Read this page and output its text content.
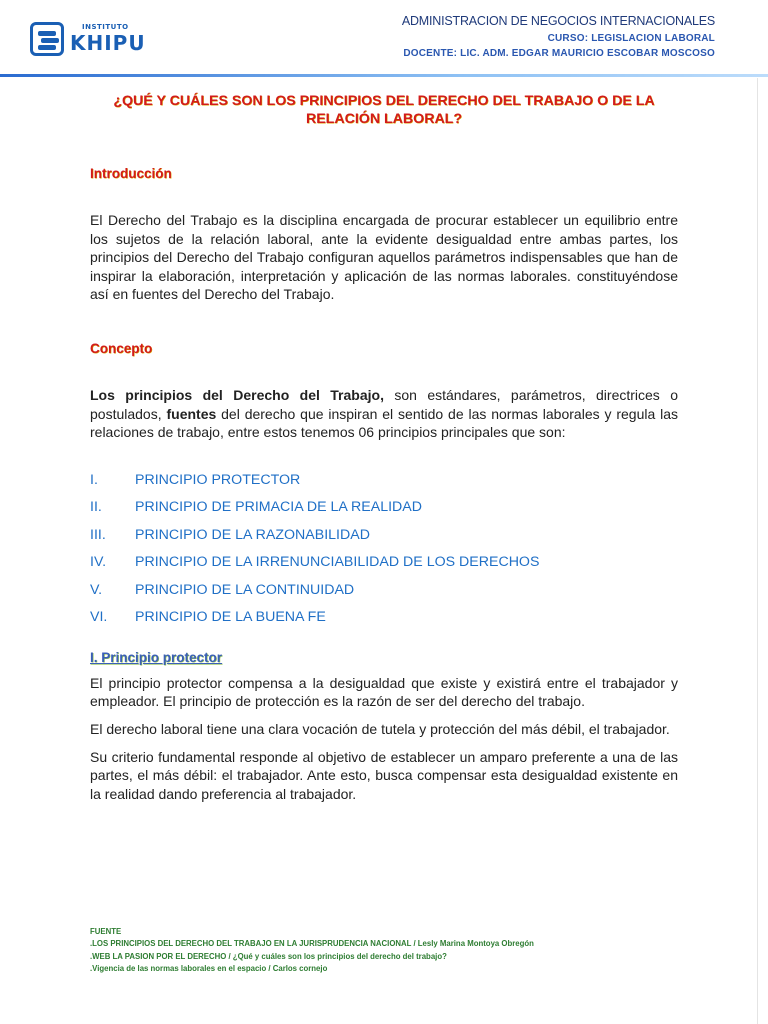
INSTITUTO
KHIPU
ADMINISTRACION DE NEGOCIOS INTERNACIONALES
CURSO: LEGISLACION LABORAL
DOCENTE: LIC. ADM. EDGAR MAURICIO ESCOBAR MOSCOSO
¿QUÉ Y CUÁLES SON LOS PRINCIPIOS DEL DERECHO DEL TRABAJO O DE LA
RELACIÓN LABORAL?
Introducción

El Derecho del Trabajo es la disciplina encargada de procurar establecer un equilibrio entre los sujetos de la relación laboral, ante la evidente desigualdad entre ambas partes, los principios del Derecho del Trabajo configuran aquellos parámetros indispensables que han de inspirar la elaboración, interpretación y aplicación de las normas laborales. constituyéndose así en fuentes del Derecho del Trabajo.

Concepto

Los principios del Derecho del Trabajo, son estándares, parámetros, directrices o postulados, fuentes del derecho que inspiran el sentido de las normas laborales y regula las relaciones de trabajo, entre estos tenemos 06 principios principales que son:

I.	PRINCIPIO PROTECTOR
II.	PRINCIPIO DE PRIMACIA DE LA REALIDAD
III.	PRINCIPIO DE LA RAZONABILIDAD
IV.	PRINCIPIO DE LA IRRENUNCIABILIDAD DE LOS DERECHOS
V.	PRINCIPIO DE LA CONTINUIDAD
VI.	PRINCIPIO DE LA BUENA FE
I. Principio protector

El principio protector compensa a la desigualdad que existe y existirá entre el trabajador y empleador. El principio de protección es la razón de ser del derecho del trabajo.

El derecho laboral tiene una clara vocación de tutela y protección del más débil, el trabajador.

Su criterio fundamental responde al objetivo de establecer un amparo preferente a una de las partes, el más débil: el trabajador. Ante esto, busca compensar esta desigualdad existente en la realidad dando preferencia al trabajador.

FUENTE
.LOS PRINCIPIOS DEL DERECHO DEL TRABAJO EN LA JURISPRUDENCIA NACIONAL / Lesly Marina Montoya Obregón
.WEB LA PASION POR EL DERECHO / ¿Qué y cuáles son los principios del derecho del trabajo?
.Vigencia de las normas laborales en el espacio / Carlos cornejo
